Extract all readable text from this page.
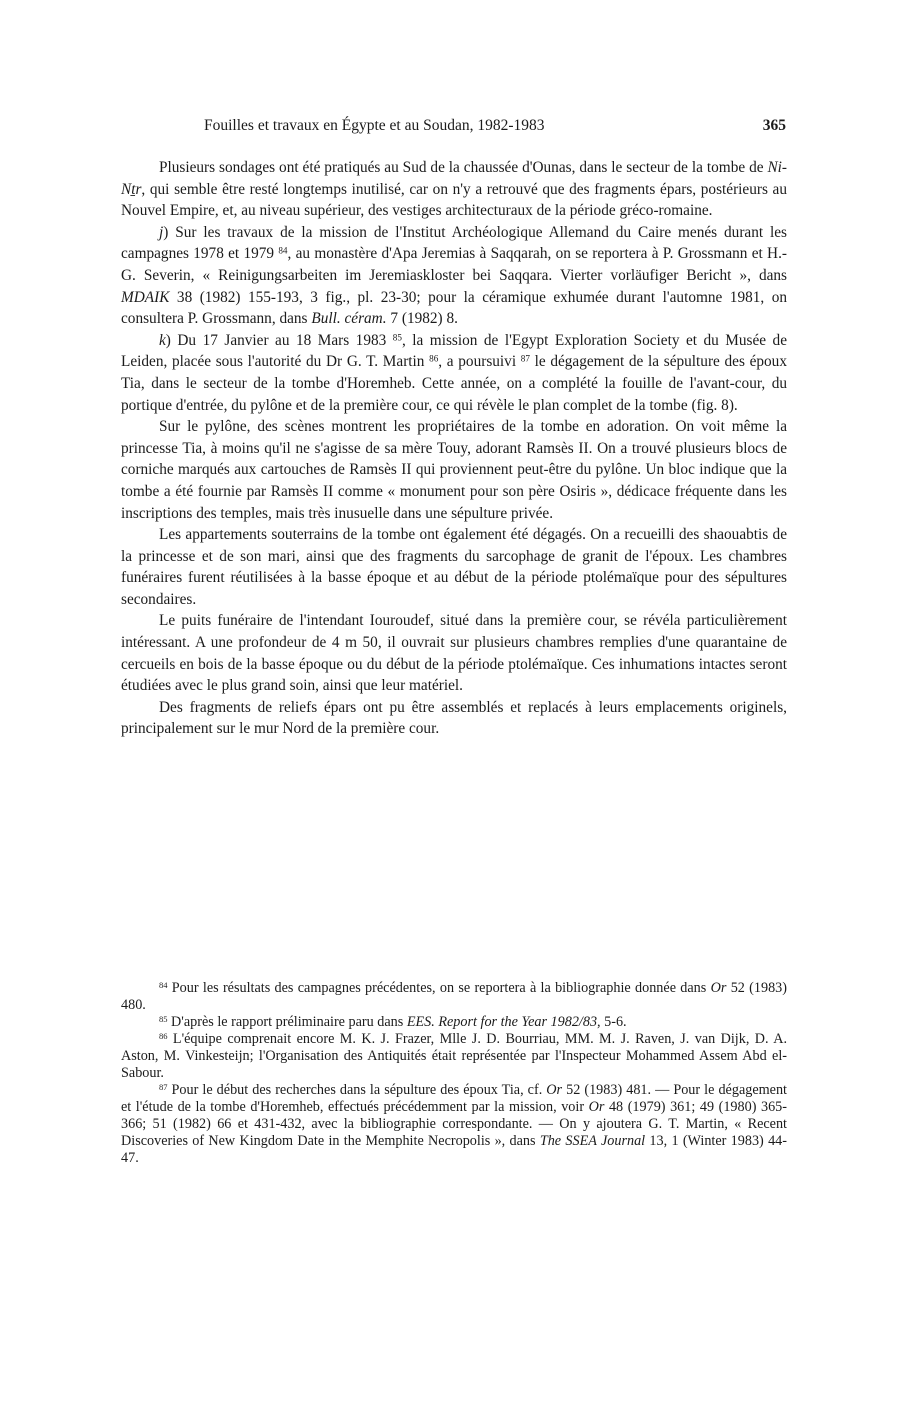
Fouilles et travaux en Égypte et au Soudan, 1982-1983	365

Plusieurs sondages ont été pratiqués au Sud de la chaussée d'Ounas, dans le secteur de la tombe de Ni-Nṯr, qui semble être resté longtemps inutilisé, car on n'y a retrouvé que des fragments épars, postérieurs au Nouvel Empire, et, au niveau supérieur, des vestiges architecturaux de la période gréco-romaine.

j) Sur les travaux de la mission de l'Institut Archéologique Allemand du Caire menés durant les campagnes 1978 et 1979 $^{84}$, au monastère d'Apa Jeremias à Saqqarah, on se reportera à P. Grossmann et H.-G. Severin, « Reinigungsarbeiten im Jeremiaskloster bei Saqqara. Vierter vorläufiger Bericht », dans MDAIK 38 (1982) 155-193, 3 fig., pl. 23-30; pour la céramique exhumée durant l'automne 1981, on consultera P. Grossmann, dans Bull. céram. 7 (1982) 8.

k) Du 17 Janvier au 18 Mars 1983 $^{85}$, la mission de l'Egypt Exploration Society et du Musée de Leiden, placée sous l'autorité du Dr G. T. Martin $^{86}$, a poursuivi $^{87}$ le dégagement de la sépulture des époux Tia, dans le secteur de la tombe d'Horemheb. Cette année, on a complété la fouille de l'avant-cour, du portique d'entrée, du pylône et de la première cour, ce qui révèle le plan complet de la tombe (fig. 8).

Sur le pylône, des scènes montrent les propriétaires de la tombe en adoration. On voit même la princesse Tia, à moins qu'il ne s'agisse de sa mère Touy, adorant Ramsès II. On a trouvé plusieurs blocs de corniche marqués aux cartouches de Ramsès II qui proviennent peut-être du pylône. Un bloc indique que la tombe a été fournie par Ramsès II comme « monument pour son père Osiris », dédicace fréquente dans les inscriptions des temples, mais très inusuelle dans une sépulture privée.

Les appartements souterrains de la tombe ont également été dégagés. On a recueilli des shaouabtis de la princesse et de son mari, ainsi que des fragments du sarcophage de granit de l'époux. Les chambres funéraires furent réutilisées à la basse époque et au début de la période ptolémaïque pour des sépultures secondaires.

Le puits funéraire de l'intendant Iouroudef, situé dans la première cour, se révéla particulièrement intéressant. A une profondeur de 4 m 50, il ouvrait sur plusieurs chambres remplies d'une quarantaine de cercueils en bois de la basse époque ou du début de la période ptolémaïque. Ces inhumations intactes seront étudiées avec le plus grand soin, ainsi que leur matériel.

Des fragments de reliefs épars ont pu être assemblés et replacés à leurs emplacements originels, principalement sur le mur Nord de la première cour.

$^{84}$ Pour les résultats des campagnes précédentes, on se reportera à la bibliographie donnée dans Or 52 (1983) 480.

$^{85}$ D'après le rapport préliminaire paru dans EES. Report for the Year 1982/83, 5-6.

$^{86}$ L'équipe comprenait encore M. K. J. Frazer, Mlle J. D. Bourriau, MM. M. J. Raven, J. van Dijk, D. A. Aston, M. Vinkesteijn; l'Organisation des Antiquités était représentée par l'Inspecteur Mohammed Assem Abd el-Sabour.

$^{87}$ Pour le début des recherches dans la sépulture des époux Tia, cf. Or 52 (1983) 481. — Pour le dégagement et l'étude de la tombe d'Horemheb, effectués précédemment par la mission, voir Or 48 (1979) 361; 49 (1980) 365-366; 51 (1982) 66 et 431-432, avec la bibliographie correspondante. — On y ajoutera G. T. Martin, « Recent Discoveries of New Kingdom Date in the Memphite Necropolis », dans The SSEA Journal 13, 1 (Winter 1983) 44-47.
